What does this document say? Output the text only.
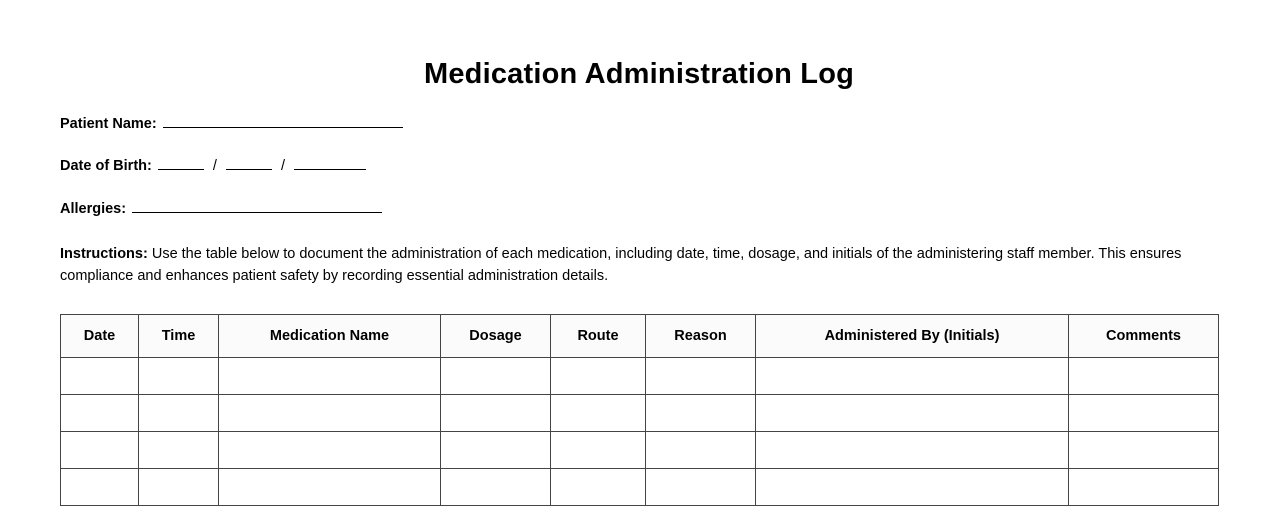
Medication Administration Log
Patient Name:
Date of Birth:	/	/
Allergies:

Instructions: Use the table below to document the administration of each medication, including date, time, dosage, and initials of the administering staff member. This ensures compliance and enhances patient safety by recording essential administration details.

Date	Time	Medication Name	Dosage	Route	Reason	Administered By (Initials)	Comments
